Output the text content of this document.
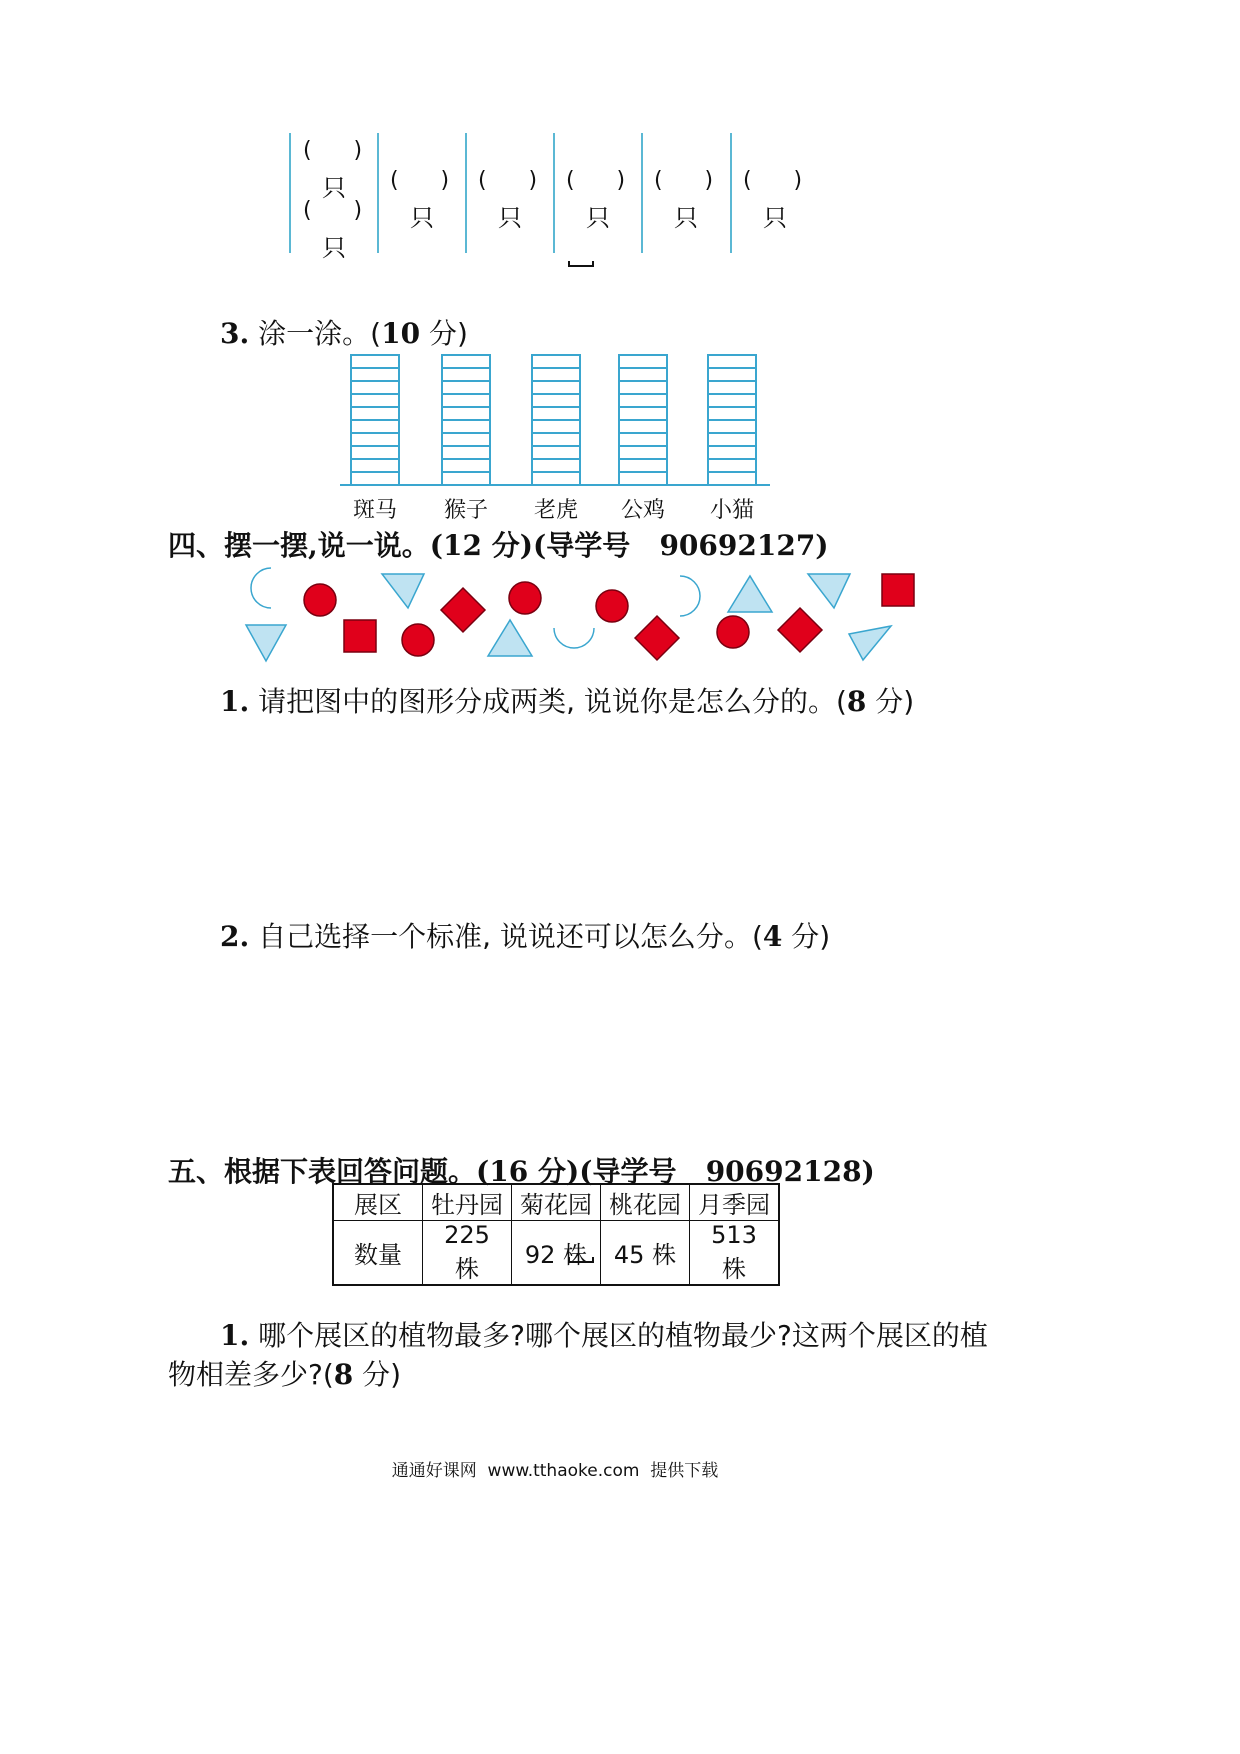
(      )
只
(      )
只
(      )
只
(      )
只
(      )
只
(      )
只
(      )
只
3. 涂一涂。(10 分)
斑马	猴子	老虎	公鸡	小猫
四、摆一摆,说一说。(12 分)(导学号   90692127)
1. 请把图中的图形分成两类, 说说你是怎么分的。(8 分)
2. 自己选择一个标准, 说说还可以怎么分。(4 分)
五、根据下表回答问题。(16 分)(导学号   90692128)
展区	牡丹园	菊花园	桃花园	月季园
数量	225 株	92 株	45 株	513 株
1. 哪个展区的植物最多?哪个展区的植物最少?这两个展区的植
物相差多少?(8 分)
通通好课网  www.tthaoke.com  提供下载
